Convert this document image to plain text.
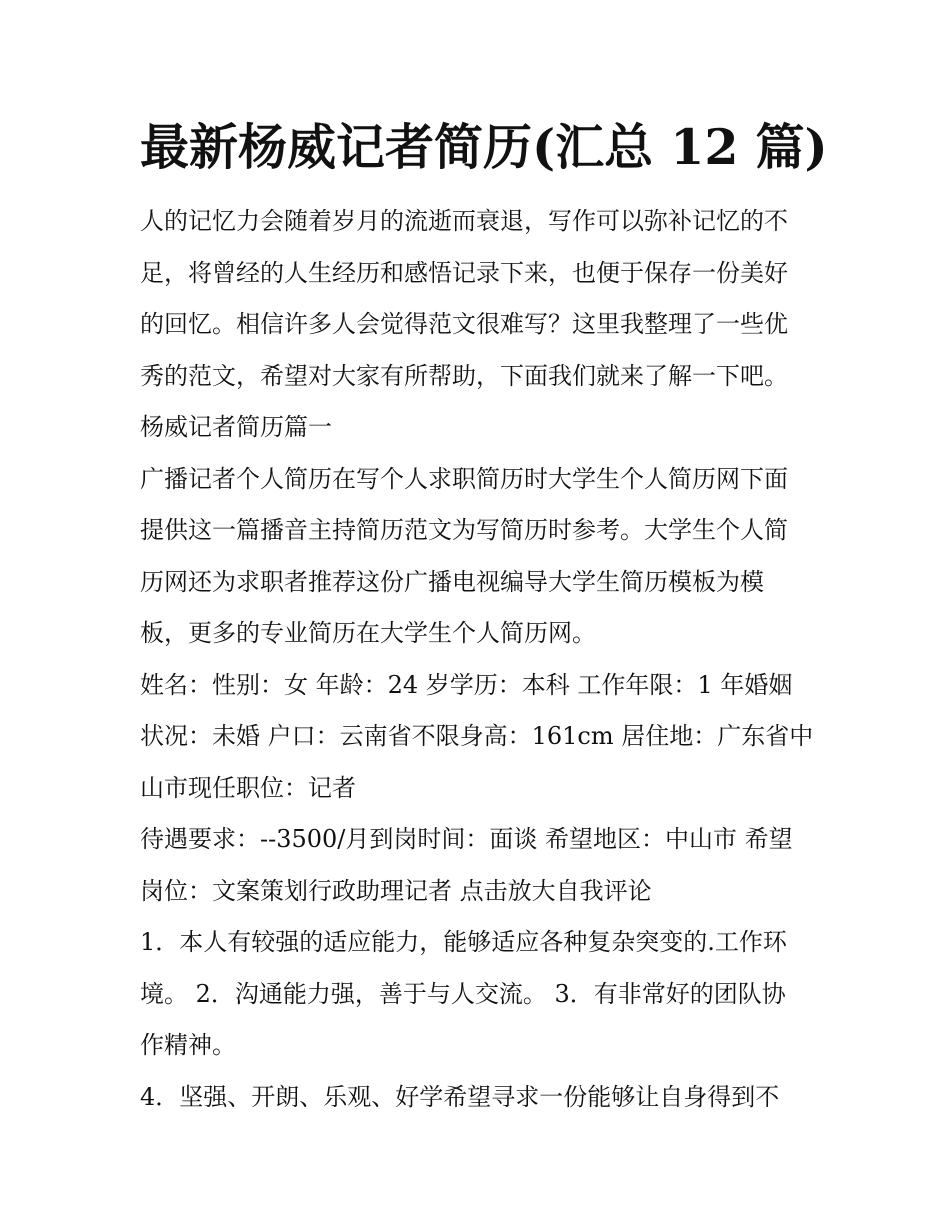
最新杨威记者简历(汇总 12 篇)
人的记忆力会随着岁月的流逝而衰退，写作可以弥补记忆的不
足，将曾经的人生经历和感悟记录下来，也便于保存一份美好
的回忆。相信许多人会觉得范文很难写？这里我整理了一些优
秀的范文，希望对大家有所帮助，下面我们就来了解一下吧。
杨威记者简历篇一
广播记者个人简历在写个人求职简历时大学生个人简历网下面
提供这一篇播音主持简历范文为写简历时参考。大学生个人简
历网还为求职者推荐这份广播电视编导大学生简历模板为模
板，更多的专业简历在大学生个人简历网。
姓名：性别：女 年龄：24 岁学历：本科 工作年限：1 年婚姻
状况：未婚 户口：云南省不限身高：161cm 居住地：广东省中
山市现任职位：记者
待遇要求：--3500/月到岗时间：面谈 希望地区：中山市 希望
岗位：文案策划行政助理记者 点击放大自我评论
1．本人有较强的适应能力，能够适应各种复杂突变的.工作环
境。 2．沟通能力强，善于与人交流。 3．有非常好的团队协
作精神。
4．坚强、开朗、乐观、好学希望寻求一份能够让自身得到不
